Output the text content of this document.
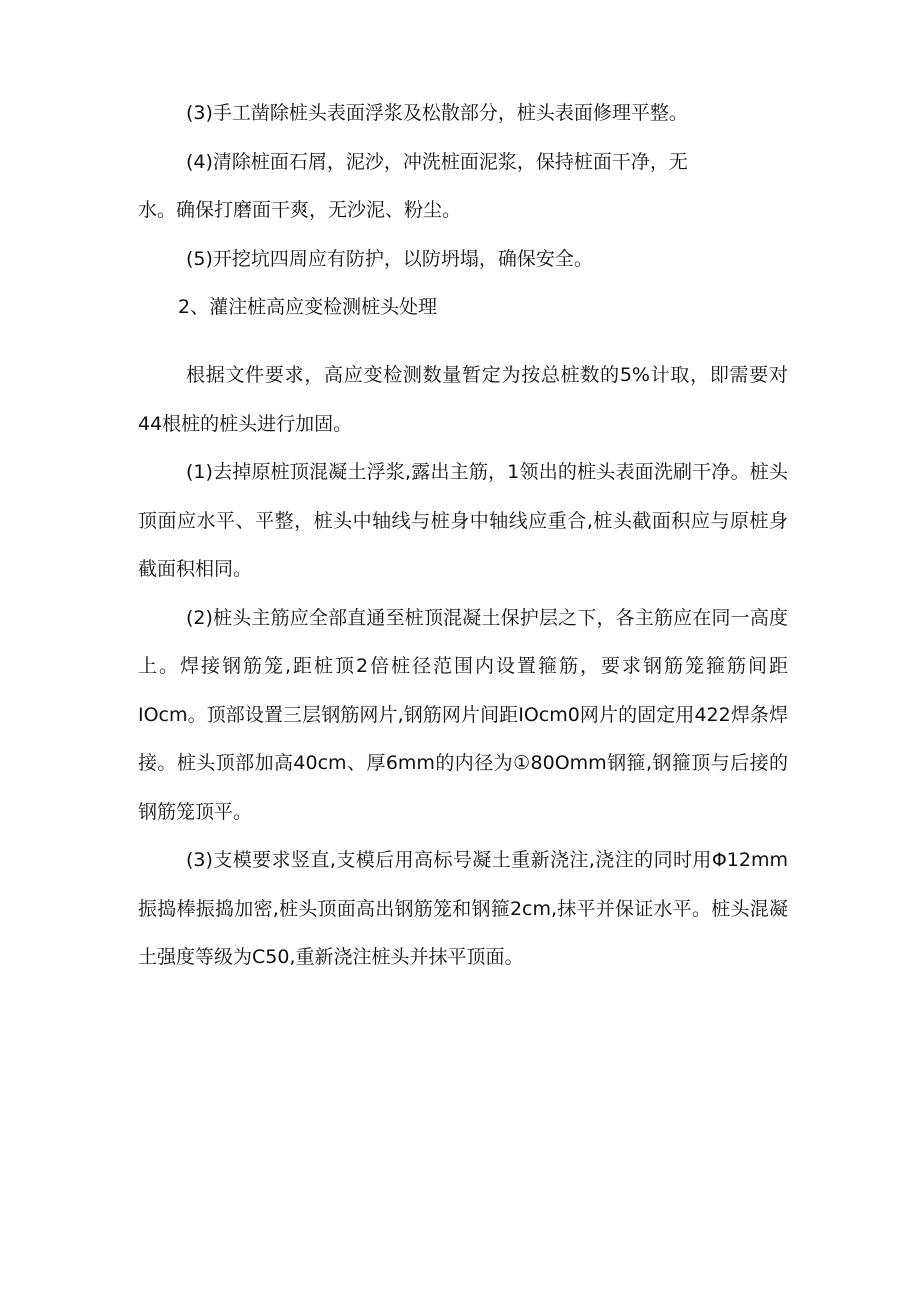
(3)手工凿除桩头表面浮浆及松散部分，桩头表面修理平整。

(4)清除桩面石屑，泥沙，冲洗桩面泥浆，保持桩面干净，无水。确保打磨面干爽，无沙泥、粉尘。

(5)开挖坑四周应有防护，以防坍塌，确保安全。

2、灌注桩高应变检测桩头处理

根据文件要求，高应变检测数量暂定为按总桩数的5%计取，即需要对44根桩的桩头进行加固。

(1)去掉原桩顶混凝土浮浆,露出主筋，1领出的桩头表面洗刷干净。桩头顶面应水平、平整，桩头中轴线与桩身中轴线应重合,桩头截面积应与原桩身截面积相同。

(2)桩头主筋应全部直通至桩顶混凝土保护层之下，各主筋应在同一高度上。焊接钢筋笼,距桩顶2倍桩径范围内设置箍筋，要求钢筋笼箍筋间距IOcm。顶部设置三层钢筋网片,钢筋网片间距IOcm0网片的固定用422焊条焊接。桩头顶部加高40cm、厚6mm的内径为①80Omm钢箍,钢箍顶与后接的钢筋笼顶平。

(3)支模要求竖直,支模后用高标号凝土重新浇注,浇注的同时用Φ12mm振捣棒振捣加密,桩头顶面高出钢筋笼和钢箍2cm,抹平并保证水平。桩头混凝土强度等级为C50,重新浇注桩头并抹平顶面。
